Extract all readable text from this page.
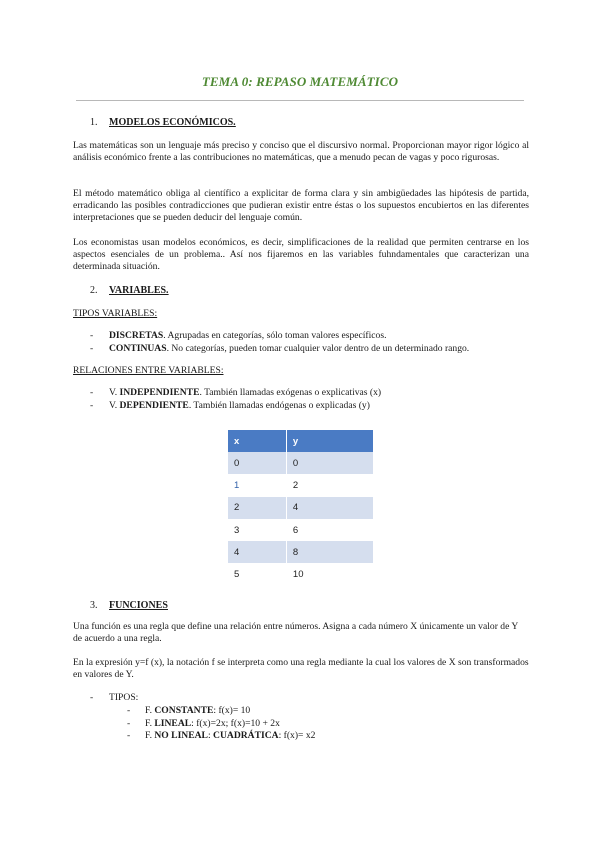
TEMA 0: REPASO MATEMÁTICO
1. MODELOS ECONÓMICOS.
Las matemáticas son un lenguaje más preciso y conciso que el discursivo normal. Proporcionan mayor rigor lógico al análisis económico frente a las contribuciones no matemáticas, que a menudo pecan de vagas y poco rigurosas.
El método matemático obliga al científico a explicitar de forma clara y sin ambigüedades las hipótesis de partida, erradicando las posibles contradicciones que pudieran existir entre éstas o los supuestos encubiertos en las diferentes interpretaciones que se pueden deducir del lenguaje común.
Los economistas usan modelos económicos, es decir, simplificaciones de la realidad que permiten centrarse en los aspectos esenciales de un problema.. Así nos fijaremos en las variables fuhndamentales que caracterizan una determinada situación.
2. VARIABLES.
TIPOS VARIABLES:
- DISCRETAS. Agrupadas en categorías, sólo toman valores específicos.
- CONTINUAS. No categorías, pueden tomar cualquier valor dentro de un determinado rango.
RELACIONES ENTRE VARIABLES:
- V. INDEPENDIENTE. También llamadas exógenas o explicativas (x)
- V. DEPENDIENTE. También llamadas endógenas o explicadas (y)
x	y
0	0
1	2
2	4
3	6
4	8
5	10
3. FUNCIONES
Una función es una regla que define una relación entre números. Asigna a cada número X únicamente un valor de Y de acuerdo a una regla.
En la expresión y=f (x), la notación f se interpreta como una regla mediante la cual los valores de X son transformados en valores de Y.
- TIPOS:
- F. CONSTANTE: f(x)= 10
- F. LINEAL: f(x)=2x; f(x)=10 + 2x
- F. NO LINEAL: CUADRÁTICA: f(x)= x2
